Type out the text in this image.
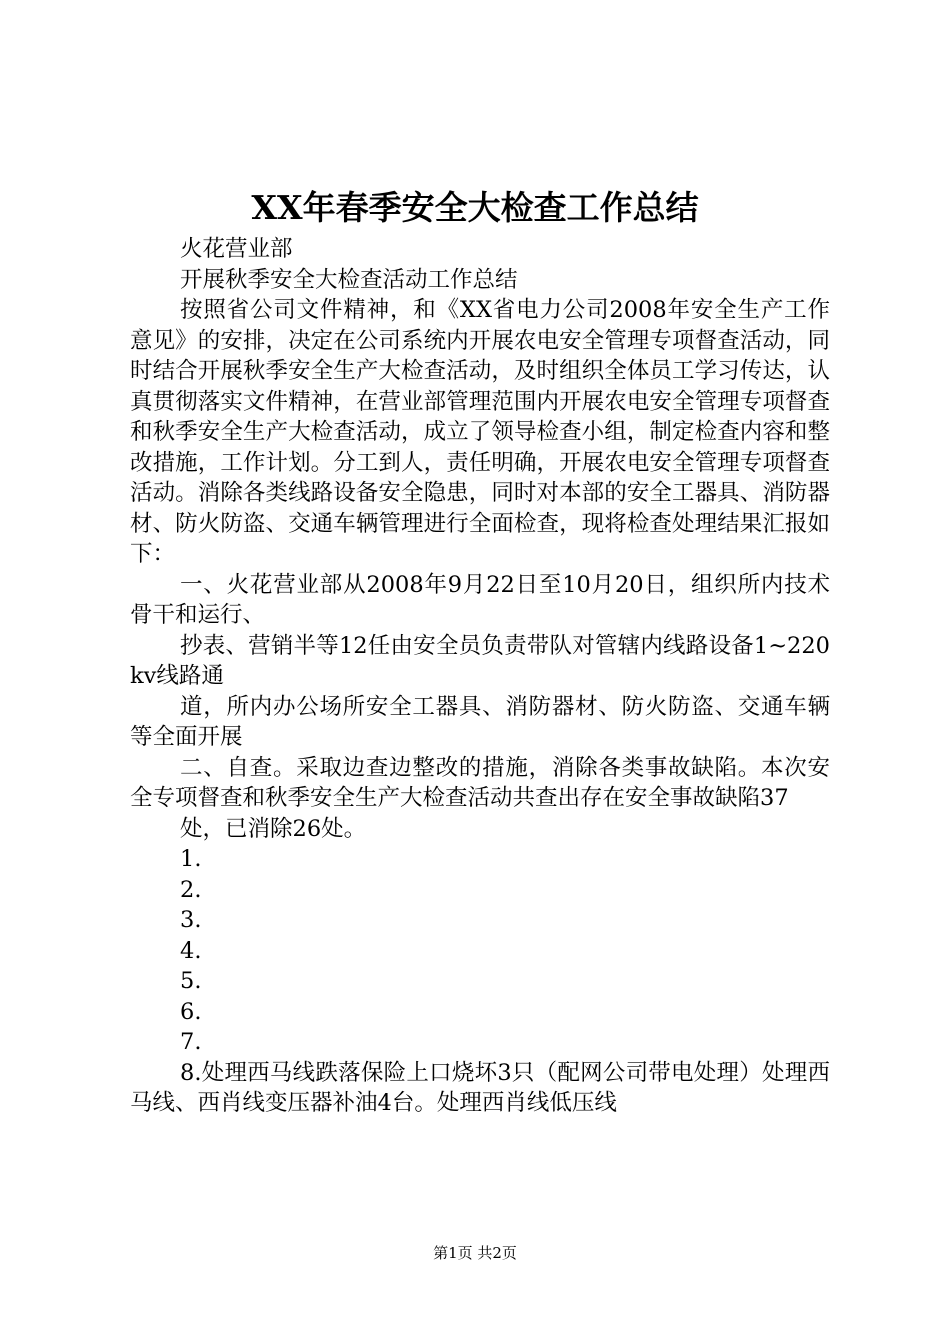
XX年春季安全大检查工作总结

火花营业部

开展秋季安全大检查活动工作总结

按照省公司文件精神，和《XX省电力公司2008年安全生产工作意见》的安排，决定在公司系统内开展农电安全管理专项督查活动，同时结合开展秋季安全生产大检查活动，及时组织全体员工学习传达，认真贯彻落实文件精神，在营业部管理范围内开展农电安全管理专项督查和秋季安全生产大检查活动，成立了领导检查小组，制定检查内容和整改措施，工作计划。分工到人，责任明确，开展农电安全管理专项督查活动。消除各类线路设备安全隐患，同时对本部的安全工器具、消防器材、防火防盗、交通车辆管理进行全面检查，现将检查处理结果汇报如下：

一、火花营业部从2008年9月22日至10月20日，组织所内技术骨干和运行、

抄表、营销半等12任由安全员负责带队对管辖内线路设备1~220kv线路通

道，所内办公场所安全工器具、消防器材、防火防盗、交通车辆等全面开展

二、自查。采取边查边整改的措施，消除各类事故缺陷。本次安全专项督查和秋季安全生产大检查活动共查出存在安全事故缺陷37

处，已消除26处。

1.

2.

3.

4.

5.

6.

7.

8.处理西马线跌落保险上口烧坏3只（配网公司带电处理）处理西马线、西肖线变压器补油4台。处理西肖线低压线

第1页 共2页
